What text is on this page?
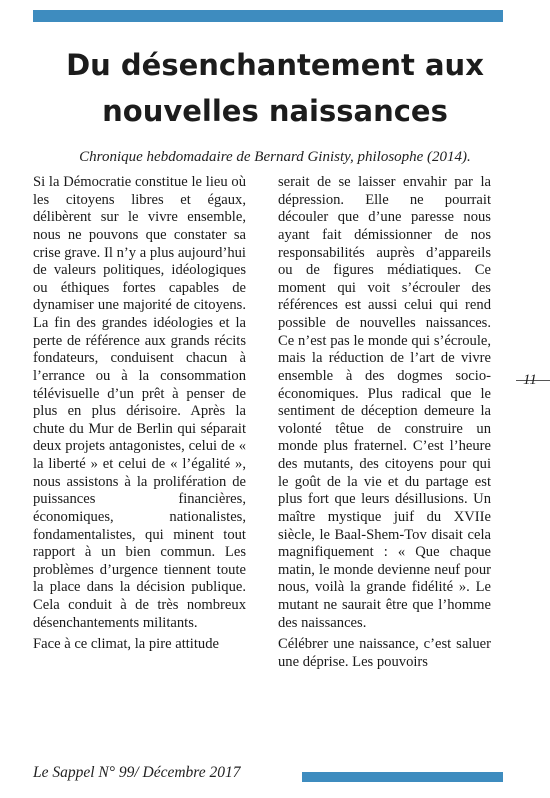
Du désenchantement aux nouvelles naissances
Chronique hebdomadaire de Bernard Ginisty, philosophe (2014).

Si la Démocratie constitue le lieu où les citoyens libres et égaux, délibèrent sur le vivre ensemble, nous ne pouvons que constater sa crise grave. Il n’y a plus aujourd’hui de valeurs politiques, idéologiques ou éthiques fortes capables de dynamiser une majorité de citoyens. La fin des grandes idéologies et la perte de référence aux grands récits fondateurs, conduisent chacun à l’errance ou à la consommation télévisuelle d’un prêt à penser de plus en plus dérisoire. Après la chute du Mur de Berlin qui séparait deux projets antagonistes, celui de « la liberté » et celui de « l’égalité », nous assistons à la prolifération de puissances financières, économiques, nationalistes, fondamentalistes, qui minent tout rapport à un bien commun. Les problèmes d’urgence tiennent toute la place dans la décision publique. Cela conduit à de très nombreux désenchantements militants.

Face à ce climat, la pire attitude

serait de se laisser envahir par la dépression. Elle ne pourrait découler que d’une paresse nous ayant fait démissionner de nos responsabilités auprès d’appareils ou de figures médiatiques. Ce moment qui voit s’écrouler des références est aussi celui qui rend possible de nouvelles naissances. Ce n’est pas le monde qui s’écroule, mais la réduction de l’art de vivre ensemble à des dogmes socio-économiques. Plus radical que le sentiment de déception demeure la volonté têtue de construire un monde plus fraternel. C’est l’heure des mutants, des citoyens pour qui le goût de la vie et du partage est plus fort que leurs désillusions. Un maître mystique juif du XVIIe siècle, le Baal-Shem-Tov disait cela magnifiquement : « Que chaque matin, le monde devienne neuf pour nous, voilà la grande fidélité ». Le mutant ne saurait être que l’homme des naissances.

Célébrer une naissance, c’est saluer une déprise. Les pouvoirs

11
Le Sappel N° 99/ Décembre 2017
